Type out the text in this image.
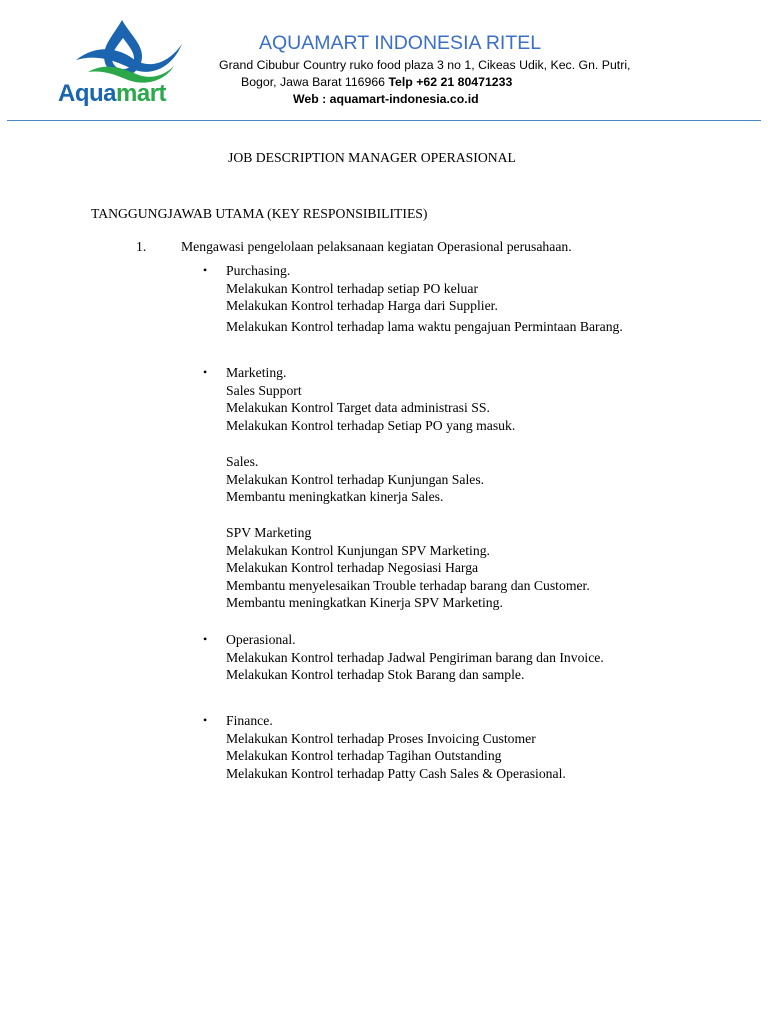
Aquamart
AQUAMART INDONESIA RITEL
Grand Cibubur Country ruko food plaza 3 no 1, Cikeas Udik, Kec. Gn. Putri,
Bogor, Jawa Barat 116966 Telp +62 21 80471233
Web : aquamart-indonesia.co.id
JOB DESCRIPTION MANAGER OPERASIONAL
TANGGUNGJAWAB UTAMA (KEY RESPONSIBILITIES)
1.	Mengawasi pengelolaan pelaksanaan kegiatan Operasional perusahaan.
• Purchasing.
Melakukan Kontrol terhadap setiap PO keluar
Melakukan Kontrol terhadap Harga dari Supplier.
Melakukan Kontrol terhadap lama waktu pengajuan Permintaan Barang.
• Marketing.
Sales Support
Melakukan Kontrol Target data administrasi SS.
Melakukan Kontrol terhadap Setiap PO yang masuk.
Sales.
Melakukan Kontrol terhadap Kunjungan Sales.
Membantu meningkatkan kinerja Sales.
SPV Marketing
Melakukan Kontrol Kunjungan SPV Marketing.
Melakukan Kontrol terhadap Negosiasi Harga
Membantu menyelesaikan Trouble terhadap barang dan Customer.
Membantu meningkatkan Kinerja SPV Marketing.
• Operasional.
Melakukan Kontrol terhadap Jadwal Pengiriman barang dan Invoice.
Melakukan Kontrol terhadap Stok Barang dan sample.
• Finance.
Melakukan Kontrol terhadap Proses Invoicing Customer
Melakukan Kontrol terhadap Tagihan Outstanding
Melakukan Kontrol terhadap Patty Cash Sales & Operasional.
